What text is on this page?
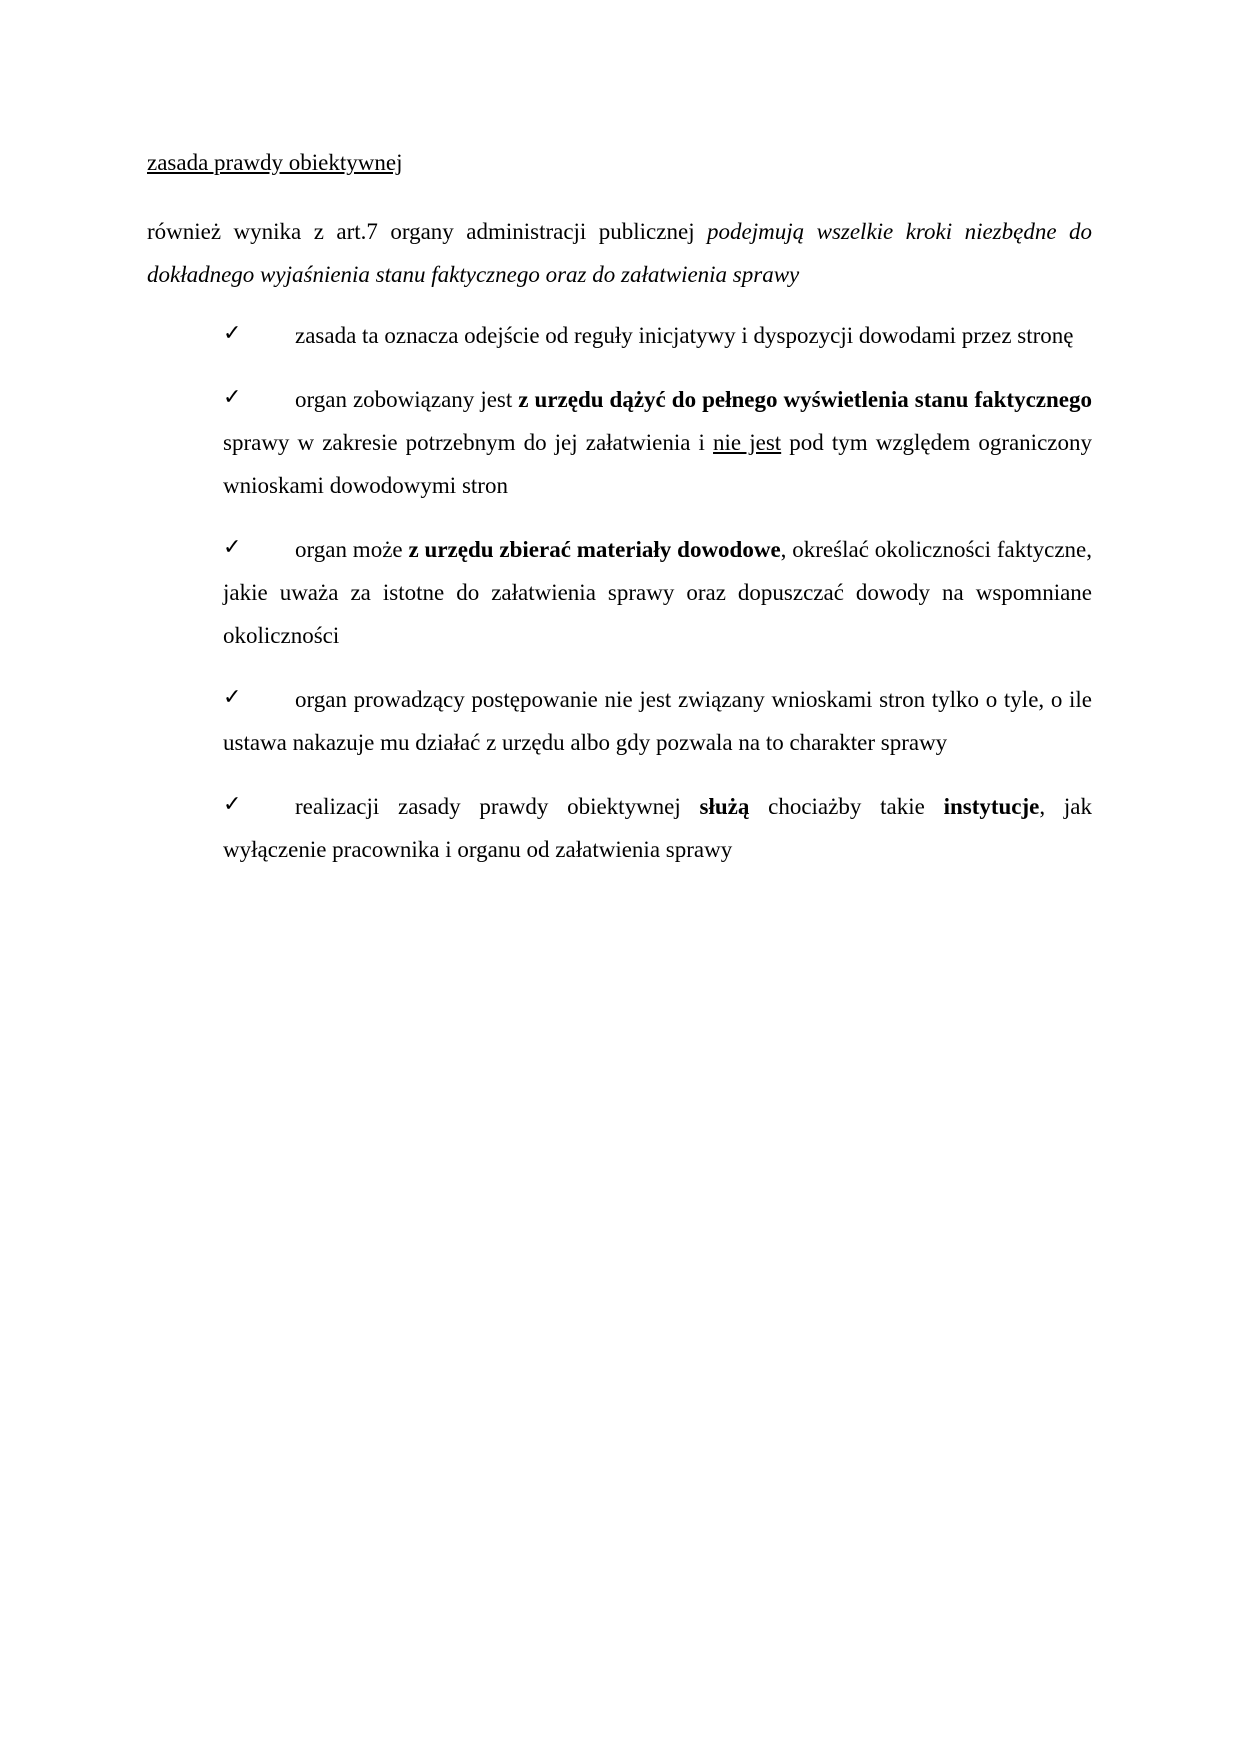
zasada prawdy obiektywnej

również wynika z art.7 organy administracji publicznej podejmują wszelkie kroki niezbędne do dokładnego wyjaśnienia stanu faktycznego oraz do załatwienia sprawy

✓ zasada ta oznacza odejście od reguły inicjatywy i dyspozycji dowodami przez stronę
✓ organ zobowiązany jest z urzędu dążyć do pełnego wyświetlenia stanu faktycznego sprawy w zakresie potrzebnym do jej załatwienia i nie jest pod tym względem ograniczony wnioskami dowodowymi stron
✓ organ może z urzędu zbierać materiały dowodowe, określać okoliczności faktyczne, jakie uważa za istotne do załatwienia sprawy oraz dopuszczać dowody na wspomniane okoliczności
✓ organ prowadzący postępowanie nie jest związany wnioskami stron tylko o tyle, o ile ustawa nakazuje mu działać z urzędu albo gdy pozwala na to charakter sprawy
✓ realizacji zasady prawdy obiektywnej służą chociażby takie instytucje, jak wyłączenie pracownika i organu od załatwienia sprawy
